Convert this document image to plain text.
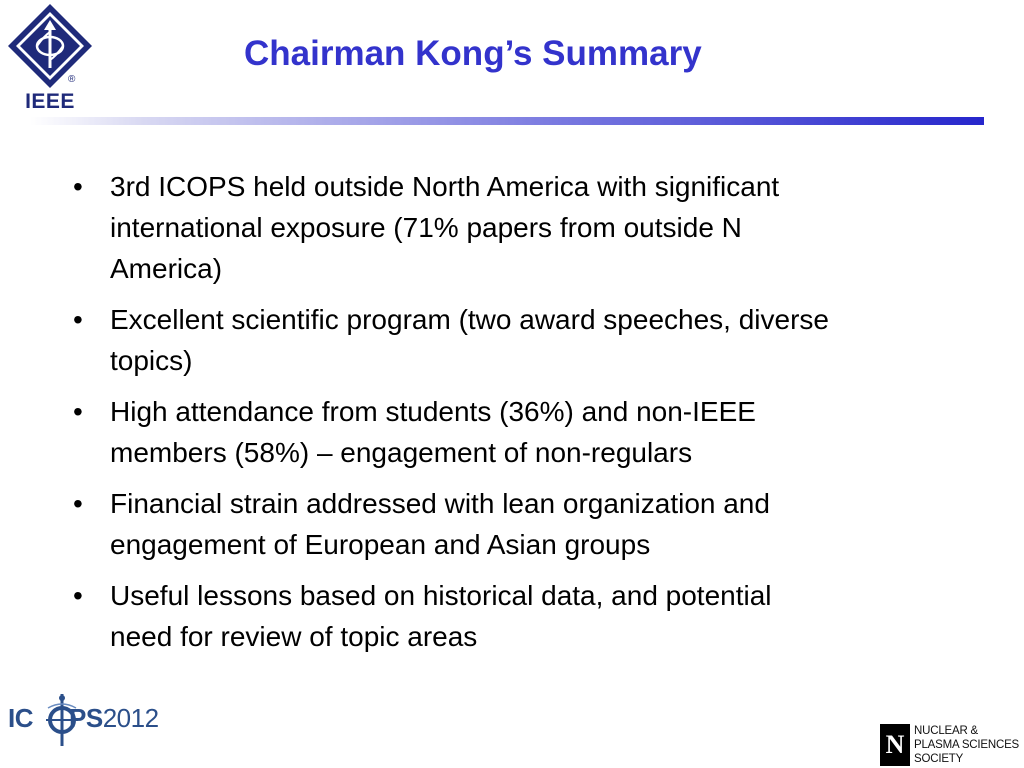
®
IEEE
Chairman Kong’s Summary
• 3rd ICOPS held outside North America with significant international exposure (71% papers from outside N America)
• Excellent scientific program (two award speeches, diverse topics)
• High attendance from students (36%) and non-IEEE members (58%) – engagement of non-regulars
• Financial strain addressed with lean organization and engagement of European and Asian groups
• Useful lessons based on historical data, and potential need for review of topic areas
IC PS2012
N NUCLEAR &
PLASMA SCIENCES
SOCIETY
